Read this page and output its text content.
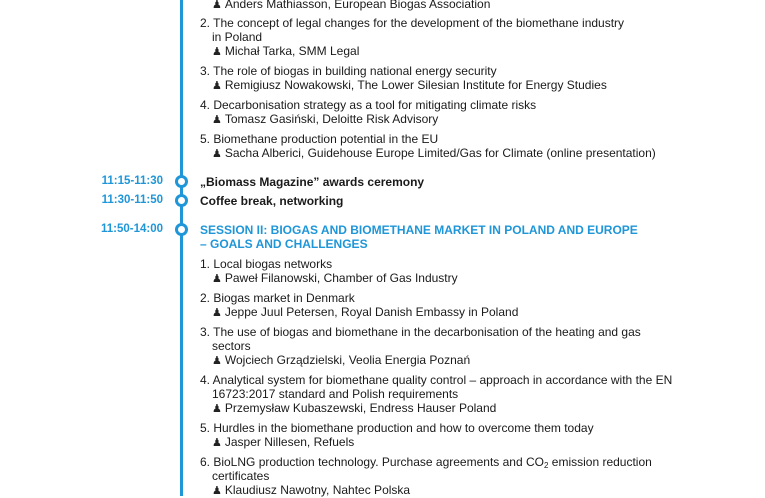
♟ Anders Mathiasson, European Biogas Association
2. The concept of legal changes for the development of the biomethane industry
in Poland
♟ Michał Tarka, SMM Legal
3. The role of biogas in building national energy security
♟ Remigiusz Nowakowski, The Lower Silesian Institute for Energy Studies
4. Decarbonisation strategy as a tool for mitigating climate risks
♟ Tomasz Gasiński, Deloitte Risk Advisory
5. Biomethane production potential in the EU
♟ Sacha Alberici, Guidehouse Europe Limited/Gas for Climate (online presentation)
11:15-11:30	„Biomass Magazine” awards ceremony
11:30-11:50	Coffee break, networking
11:50-14:00	SESSION II: BIOGAS AND BIOMETHANE MARKET IN POLAND AND EUROPE
– GOALS AND CHALLENGES
1. Local biogas networks
♟ Paweł Filanowski, Chamber of Gas Industry
2. Biogas market in Denmark
♟ Jeppe Juul Petersen, Royal Danish Embassy in Poland
3. The use of biogas and biomethane in the decarbonisation of the heating and gas
sectors
♟ Wojciech Grządzielski, Veolia Energia Poznań
4. Analytical system for biomethane quality control – approach in accordance with the EN
16723:2017 standard and Polish requirements
♟ Przemysław Kubaszewski, Endress Hauser Poland
5. Hurdles in the biomethane production and how to overcome them today
♟ Jasper Nillesen, Refuels
6. BioLNG production technology. Purchase agreements and $CO_2$ emission reduction
certificates
♟ Klaudiusz Nawotny, Nahtec Polska
